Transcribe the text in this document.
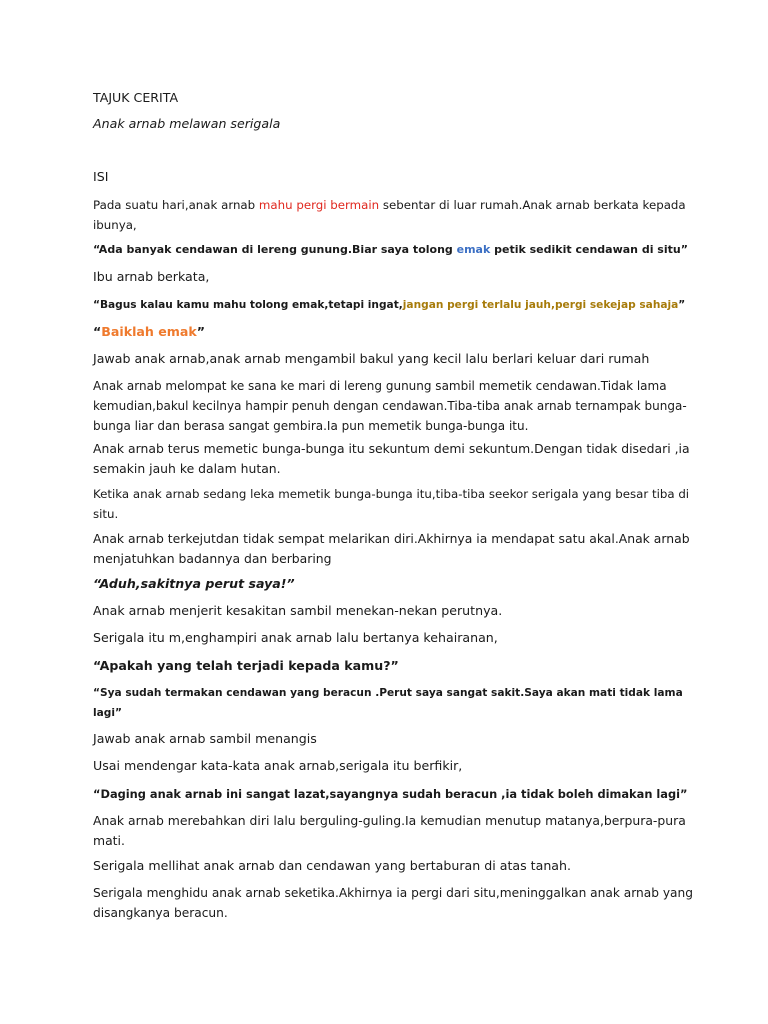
TAJUK CERITA

Anak arnab melawan serigala

ISI

Pada suatu hari,anak arnab mahu pergi bermain sebentar di luar rumah.Anak arnab berkata kepada
ibunya,

“Ada banyak cendawan di lereng gunung.Biar saya tolong emak petik sedikit cendawan di situ”

Ibu arnab berkata,

“Bagus kalau kamu mahu tolong emak,tetapi ingat,jangan pergi terlalu jauh,pergi sekejap sahaja”

“Baiklah emak”

Jawab anak arnab,anak arnab mengambil bakul yang kecil lalu berlari keluar dari rumah

Anak arnab melompat ke sana ke mari di lereng gunung sambil memetik cendawan.Tidak lama
kemudian,bakul kecilnya hampir penuh dengan cendawan.Tiba-tiba anak arnab ternampak bunga-
bunga liar dan berasa sangat gembira.Ia pun memetik bunga-bunga itu.

Anak arnab terus memetic bunga-bunga itu sekuntum demi sekuntum.Dengan tidak disedari ,ia
semakin jauh ke dalam hutan.

Ketika anak arnab sedang leka memetik bunga-bunga itu,tiba-tiba seekor serigala yang besar tiba di
situ.

Anak arnab terkejutdan tidak sempat melarikan diri.Akhirnya ia mendapat satu akal.Anak arnab
menjatuhkan badannya dan berbaring

“Aduh,sakitnya perut saya!”

Anak arnab menjerit kesakitan sambil menekan-nekan perutnya.

Serigala itu m,enghampiri anak arnab lalu bertanya kehairanan,

“Apakah yang telah terjadi kepada kamu?”

“Sya sudah termakan cendawan yang beracun .Perut saya sangat sakit.Saya akan mati tidak lama
lagi”

Jawab anak arnab sambil menangis

Usai mendengar kata-kata anak arnab,serigala itu berfikir,

“Daging anak arnab ini sangat lazat,sayangnya sudah beracun ,ia tidak boleh dimakan lagi”

Anak arnab merebahkan diri lalu berguling-guling.Ia kemudian menutup matanya,berpura-pura
mati.

Serigala mellihat anak arnab dan cendawan yang bertaburan di atas tanah.

Serigala menghidu anak arnab seketika.Akhirnya ia pergi dari situ,meninggalkan anak arnab yang
disangkanya beracun.
